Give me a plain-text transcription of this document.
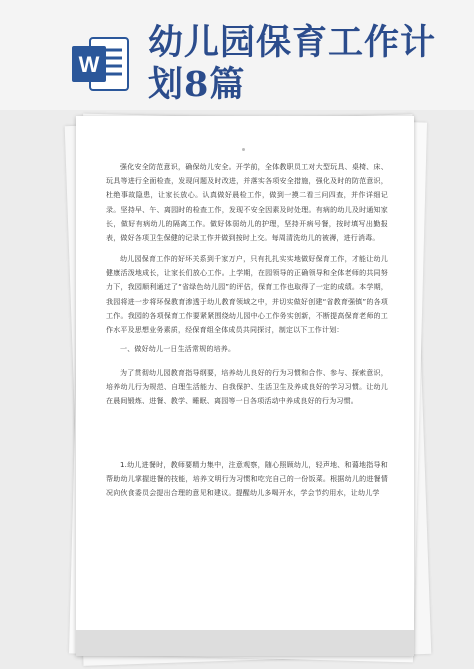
W
幼儿园保育工作计划8篇

强化安全防范意识，确保幼儿安全。开学前，全体教职员工对大型玩具、桌椅、床、玩具等进行全面检查，发现问题及时改进，并落实各项安全措施，强化及时的防范意识，杜绝事故隐患，让家长放心。认真做好晨检工作，做到一摸二看三问四查，并作详细记录。坚持早、午、离园时的检查工作，发现不安全因素及时处理。有病的幼儿及时通知家长，做好有病幼儿的隔离工作。做好体弱幼儿的护理，坚持开病号餐，按时填写出勤报表，做好各项卫生保健的记录工作并做到按时上交。每周清洗幼儿的被褥，进行消毒。

幼儿园保育工作的好坏关系到千家万户，只有扎扎实实地做好保育工作，才能让幼儿健康活泼地成长，让家长们放心工作。上学期，在园领导的正确领导和全体老师的共同努力下，我园顺利通过了“省绿色幼儿园”的评估，保育工作也取得了一定的成绩。本学期，我园将进一步将环保教育渗透于幼儿教育领域之中，并切实做好创建“省教育强镇”的各项工作。我园的各项保育工作要紧紧围绕幼儿园中心工作务实创新，不断提高保育老师的工作水平及思想业务素质，经保育组全体成员共同探讨，制定以下工作计划：

一、做好幼儿一日生活常规的培养。

为了贯彻幼儿园教育指导纲要，培养幼儿良好的行为习惯和合作、参与、探索意识，培养幼儿行为规范、自理生活能力、自我保护、生活卫生及养成良好的学习习惯。让幼儿在晨间锻炼、进餐、教学、睡眠、离园等一日各项活动中养成良好的行为习惯。

1.幼儿进餐时，教师要精力集中，注意观察，随心照顾幼儿，轻声地、和蔼地指导和帮助幼儿掌握进餐的技能，培养文明行为习惯和吃完自己的一份饭菜。根据幼儿的进餐情况向伙食委员会提出合理的意见和建议。提醒幼儿多喝开水，学会节约用水，让幼儿学
